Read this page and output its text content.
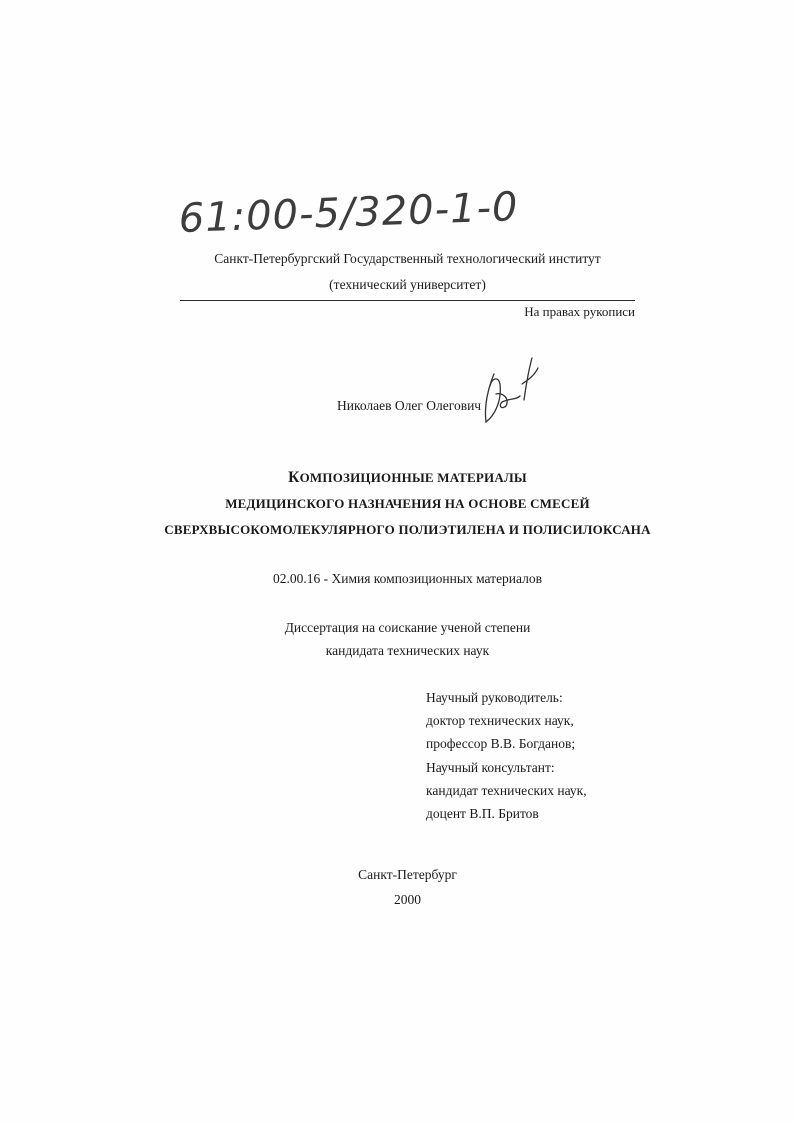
61:00-5/320-1-0
Санкт-Петербургский Государственный технологический институт
(технический университет)
На правах рукописи
Николаев Олег Олегович
КОМПОЗИЦИОННЫЕ МАТЕРИАЛЫ
МЕДИЦИНСКОГО НАЗНАЧЕНИЯ НА ОСНОВЕ СМЕСЕЙ
СВЕРХВЫСОКОМОЛЕКУЛЯРНОГО ПОЛИЭТИЛЕНА И ПОЛИСИЛОКСАНА
02.00.16 - Химия композиционных материалов
Диссертация на соискание ученой степени
кандидата технических наук
Научный руководитель:
доктор технических наук,
профессор В.В. Богданов;
Научный консультант:
кандидат технических наук,
доцент В.П. Бритов
Санкт-Петербург
2000
